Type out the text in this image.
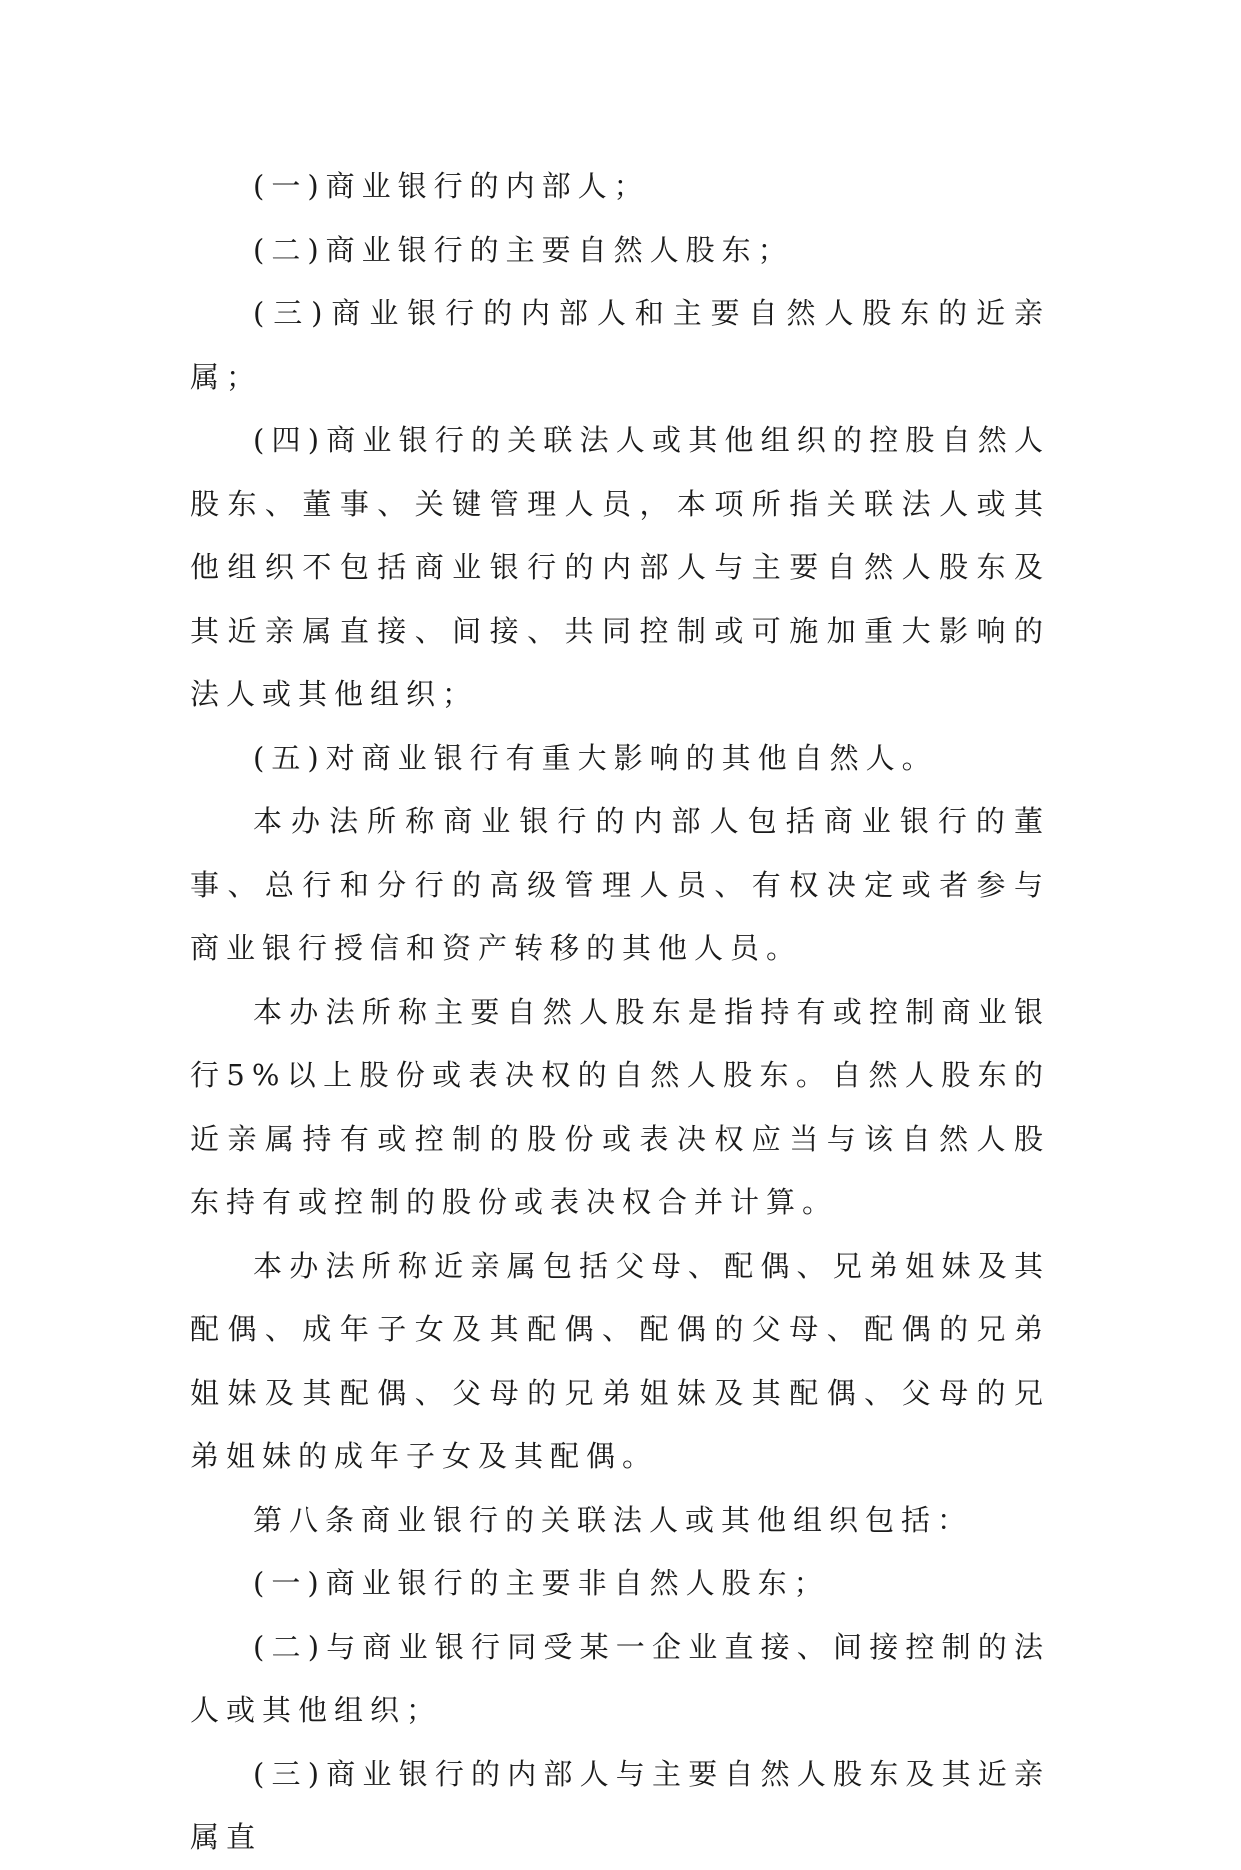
(一)商业银行的内部人；

(二)商业银行的主要自然人股东；

(三)商业银行的内部人和主要自然人股东的近亲属；

(四)商业银行的关联法人或其他组织的控股自然人股东、董事、关键管理人员，本项所指关联法人或其他组织不包括商业银行的内部人与主要自然人股东及其近亲属直接、间接、共同控制或可施加重大影响的法人或其他组织；

(五)对商业银行有重大影响的其他自然人。

本办法所称商业银行的内部人包括商业银行的董事、总行和分行的高级管理人员、有权决定或者参与商业银行授信和资产转移的其他人员。

本办法所称主要自然人股东是指持有或控制商业银行5%以上股份或表决权的自然人股东。自然人股东的近亲属持有或控制的股份或表决权应当与该自然人股东持有或控制的股份或表决权合并计算。

本办法所称近亲属包括父母、配偶、兄弟姐妹及其配偶、成年子女及其配偶、配偶的父母、配偶的兄弟姐妹及其配偶、父母的兄弟姐妹及其配偶、父母的兄弟姐妹的成年子女及其配偶。

第八条商业银行的关联法人或其他组织包括：

(一)商业银行的主要非自然人股东；

(二)与商业银行同受某一企业直接、间接控制的法人或其他组织；

(三)商业银行的内部人与主要自然人股东及其近亲属直
